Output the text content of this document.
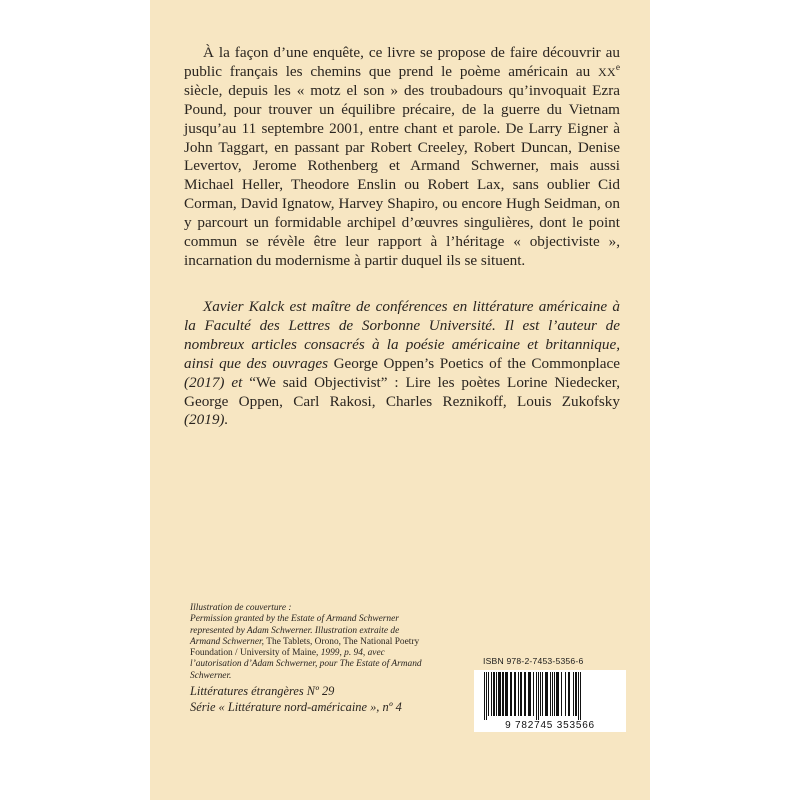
À la façon d’une enquête, ce livre se propose de faire découvrir au public français les chemins que prend le poème américain au XXe siècle, depuis les « motz el son » des troubadours qu’invoquait Ezra Pound, pour trouver un équilibre précaire, de la guerre du Vietnam jusqu’au 11 septembre 2001, entre chant et parole. De Larry Eigner à John Taggart, en passant par Robert Creeley, Robert Duncan, Denise Levertov, Jerome Rothenberg et Armand Schwerner, mais aussi Michael Heller, Theodore Enslin ou Robert Lax, sans oublier Cid Corman, David Ignatow, Harvey Shapiro, ou encore Hugh Seidman, on y parcourt un formidable archipel d’œuvres singulières, dont le point commun se révèle être leur rapport à l’héritage « objectiviste », incarnation du modernisme à partir duquel ils se situent.

Xavier Kalck est maître de conférences en littérature américaine à la Faculté des Lettres de Sorbonne Université. Il est l’auteur de nombreux articles consacrés à la poésie américaine et britannique, ainsi que des ouvrages George Oppen’s Poetics of the Commonplace (2017) et “We said Objectivist” : Lire les poètes Lorine Niedecker, George Oppen, Carl Rakosi, Charles Reznikoff, Louis Zukofsky (2019).

Illustration de couverture :
Permission granted by the Estate of Armand Schwerner
represented by Adam Schwerner. Illustration extraite de Armand Schwerner, The Tablets, Orono, The National Poetry Foundation / University of Maine, 1999, p. 94, avec l’autorisation d’Adam Schwerner, pour The Estate of Armand Schwerner.
Littératures étrangères Nº 29
Série « Littérature nord-américaine », nº 4
ISBN 978-2-7453-5356-6
9 782745 353566
